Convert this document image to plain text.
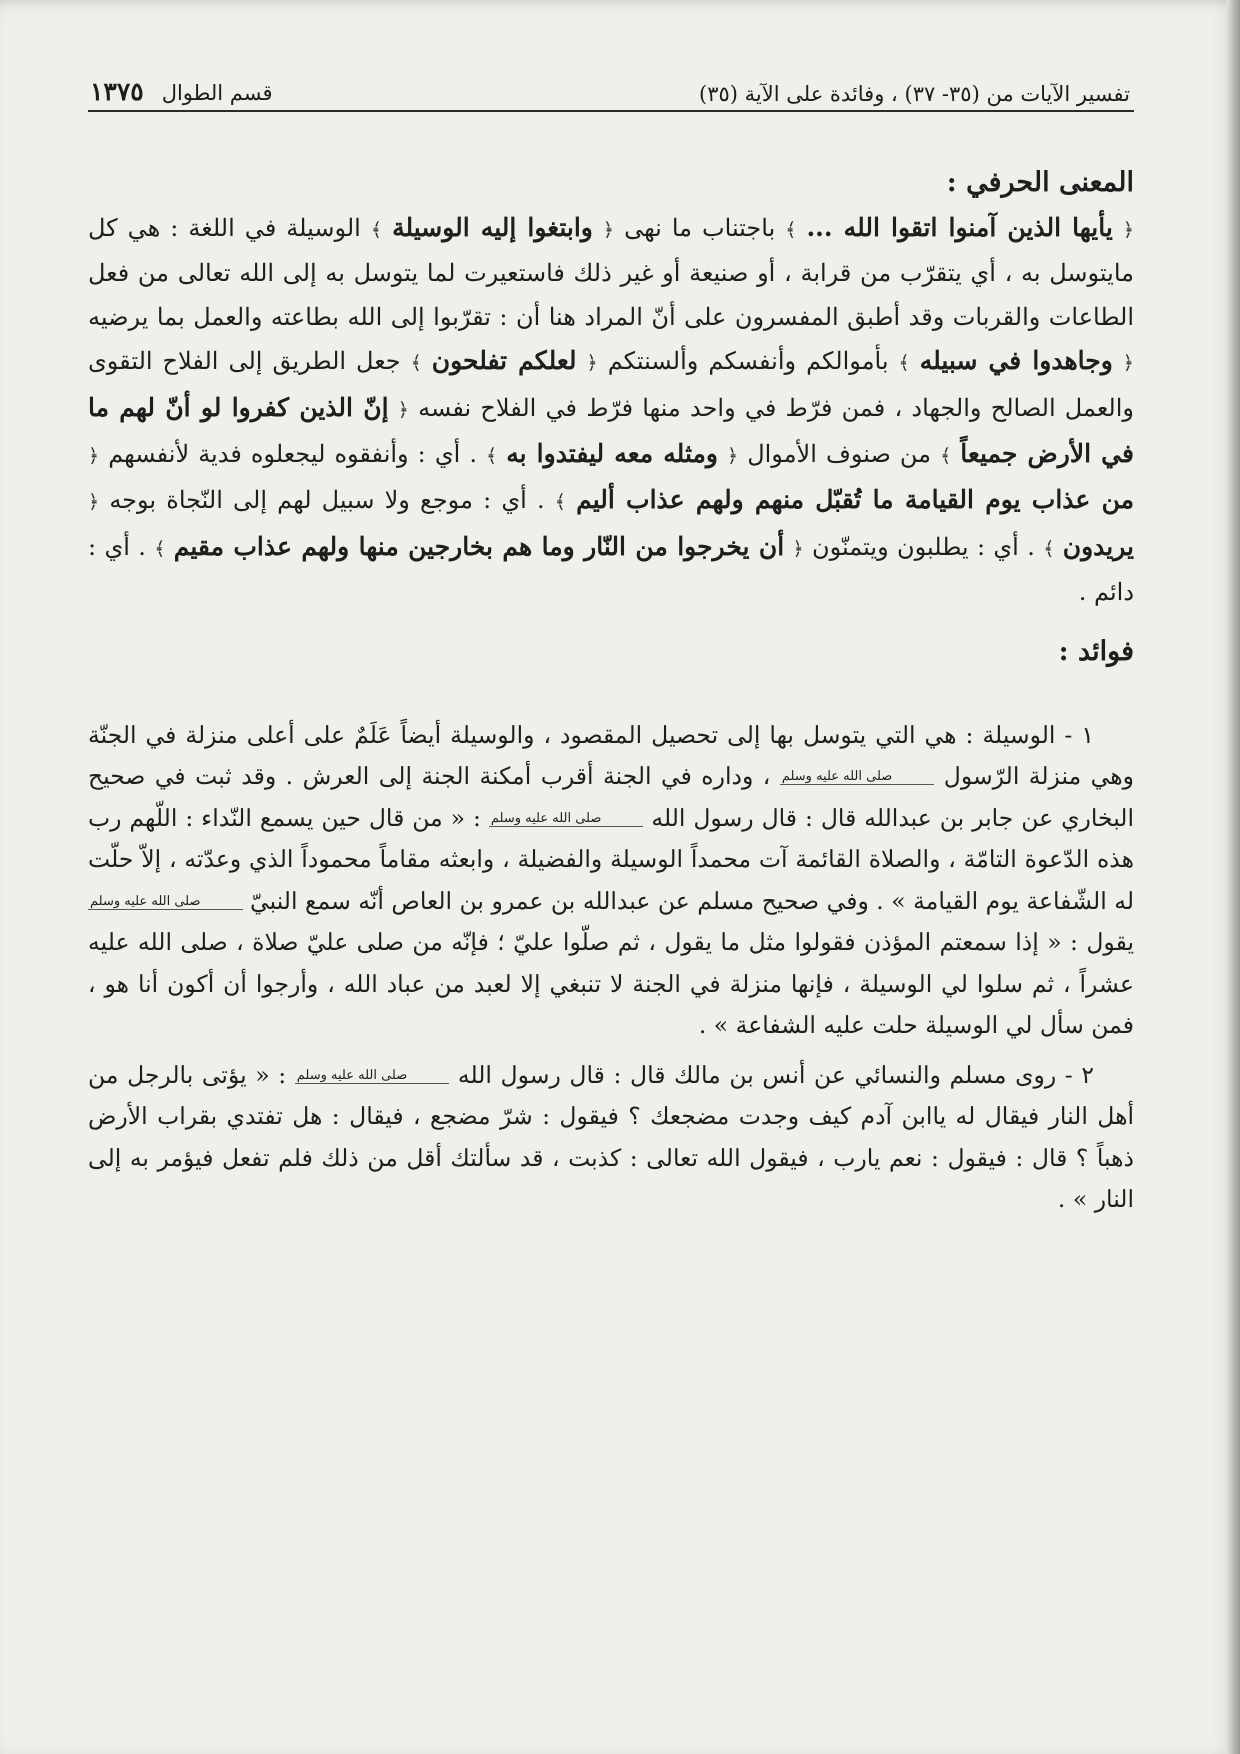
تفسير الآيات من (٣٥- ٣٧) ، وفائدة على الآية (٣٥)
قسم الطوال
١٣٧٥
المعنى الحرفي :

﴿ يأيها الذين آمنوا اتقوا الله ... ﴾ باجتناب ما نهى ﴿ وابتغوا إليه الوسيلة ﴾ الوسيلة في اللغة : هي كل مايتوسل به ، أي يتقرّب من قرابة ، أو صنيعة أو غير ذلك فاستعيرت لما يتوسل به إلى الله تعالى من فعل الطاعات والقربات وقد أطبق المفسرون على أنّ المراد هنا أن : تقرّبوا إلى الله بطاعته والعمل بما يرضيه ﴿ وجاهدوا في سبيله ﴾ بأموالكم وأنفسكم وألسنتكم ﴿ لعلكم تفلحون ﴾ جعل الطريق إلى الفلاح التقوى والعمل الصالح والجهاد ، فمن فرّط في واحد منها فرّط في الفلاح نفسه ﴿ إنّ الذين كفروا لو أنّ لهم ما في الأرض جميعاً ﴾ من صنوف الأموال ﴿ ومثله معه ليفتدوا به ﴾ . أي : وأنفقوه ليجعلوه فدية لأنفسهم ﴿ من عذاب يوم القيامة ما تُقبّل منهم ولهم عذاب أليم ﴾ . أي : موجع ولا سبيل لهم إلى النّجاة بوجه ﴿ يريدون ﴾ . أي : يطلبون ويتمنّون ﴿ أن يخرجوا من النّار وما هم بخارجين منها ولهم عذاب مقيم ﴾ . أي : دائم .

فوائد :

١ - الوسيلة : هي التي يتوسل بها إلى تحصيل المقصود ، والوسيلة أيضاً عَلَمٌ على أعلى منزلة في الجنّة وهي منزلة الرّسول صلى الله عليه وسلم ، وداره في الجنة أقرب أمكنة الجنة إلى العرش . وقد ثبت في صحيح البخاري عن جابر بن عبدالله قال : قال رسول الله صلى الله عليه وسلم : « من قال حين يسمع النّداء : اللّهم رب هذه الدّعوة التامّة ، والصلاة القائمة آت محمداً الوسيلة والفضيلة ، وابعثه مقاماً محموداً الذي وعدّته ، إلاّ حلّت له الشّفاعة يوم القيامة » . وفي صحيح مسلم عن عبدالله بن عمرو بن العاص أنّه سمع النبيّ صلى الله عليه وسلم يقول : « إذا سمعتم المؤذن فقولوا مثل ما يقول ، ثم صلّوا عليّ ؛ فإنّه من صلى عليّ صلاة ، صلى الله عليه عشراً ، ثم سلوا لي الوسيلة ، فإنها منزلة في الجنة لا تنبغي إلا لعبد من عباد الله ، وأرجوا أن أكون أنا هو ، فمن سأل لي الوسيلة حلت عليه الشفاعة » .

٢ - روى مسلم والنسائي عن أنس بن مالك قال : قال رسول الله صلى الله عليه وسلم : « يؤتى بالرجل من أهل النار فيقال له ياابن آدم كيف وجدت مضجعك ؟ فيقول : شرّ مضجع ، فيقال : هل تفتدي بقراب الأرض ذهباً ؟ قال : فيقول : نعم يارب ، فيقول الله تعالى : كذبت ، قد سألتك أقل من ذلك فلم تفعل فيؤمر به إلى النار » .
